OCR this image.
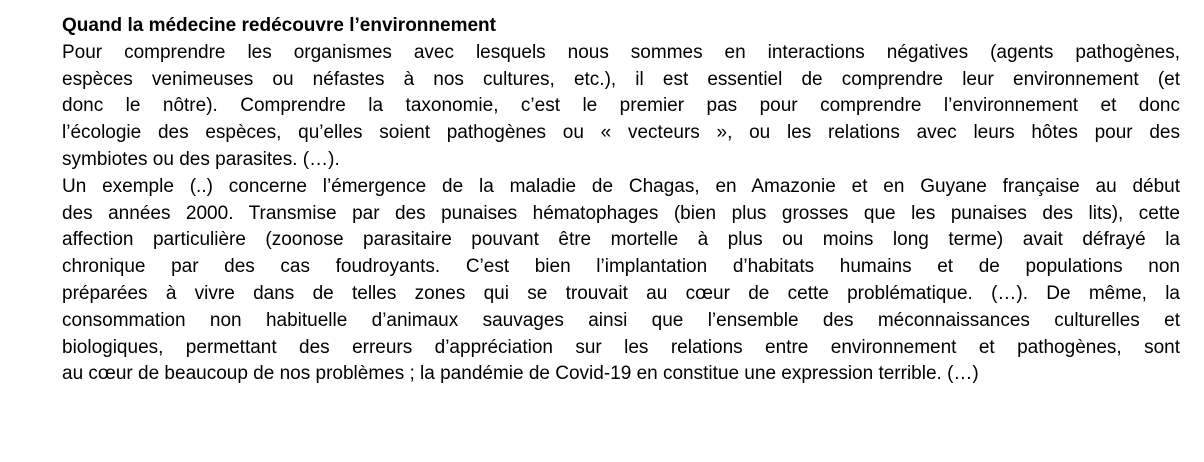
Quand la médecine redécouvre l’environnement

Pour comprendre les organismes avec lesquels nous sommes en interactions négatives (agents pathogènes,
espèces venimeuses ou néfastes à nos cultures, etc.), il est essentiel de comprendre leur environnement (et
donc le nôtre). Comprendre la taxonomie, c’est le premier pas pour comprendre l’environnement et donc
l’écologie des espèces, qu’elles soient pathogènes ou « vecteurs », ou les relations avec leurs hôtes pour des
symbiotes ou des parasites. (…).

Un exemple (..) concerne l’émergence de la maladie de Chagas, en Amazonie et en Guyane française au début
des années 2000. Transmise par des punaises hématophages (bien plus grosses que les punaises des lits), cette
affection particulière (zoonose parasitaire pouvant être mortelle à plus ou moins long terme) avait défrayé la
chronique par des cas foudroyants. C’est bien l’implantation d’habitats humains et de populations non
préparées à vivre dans de telles zones qui se trouvait au cœur de cette problématique. (…). De même, la
consommation non habituelle d’animaux sauvages ainsi que l’ensemble des méconnaissances culturelles et
biologiques, permettant des erreurs d’appréciation sur les relations entre environnement et pathogènes, sont
au cœur de beaucoup de nos problèmes ; la pandémie de Covid-19 en constitue une expression terrible. (…)
